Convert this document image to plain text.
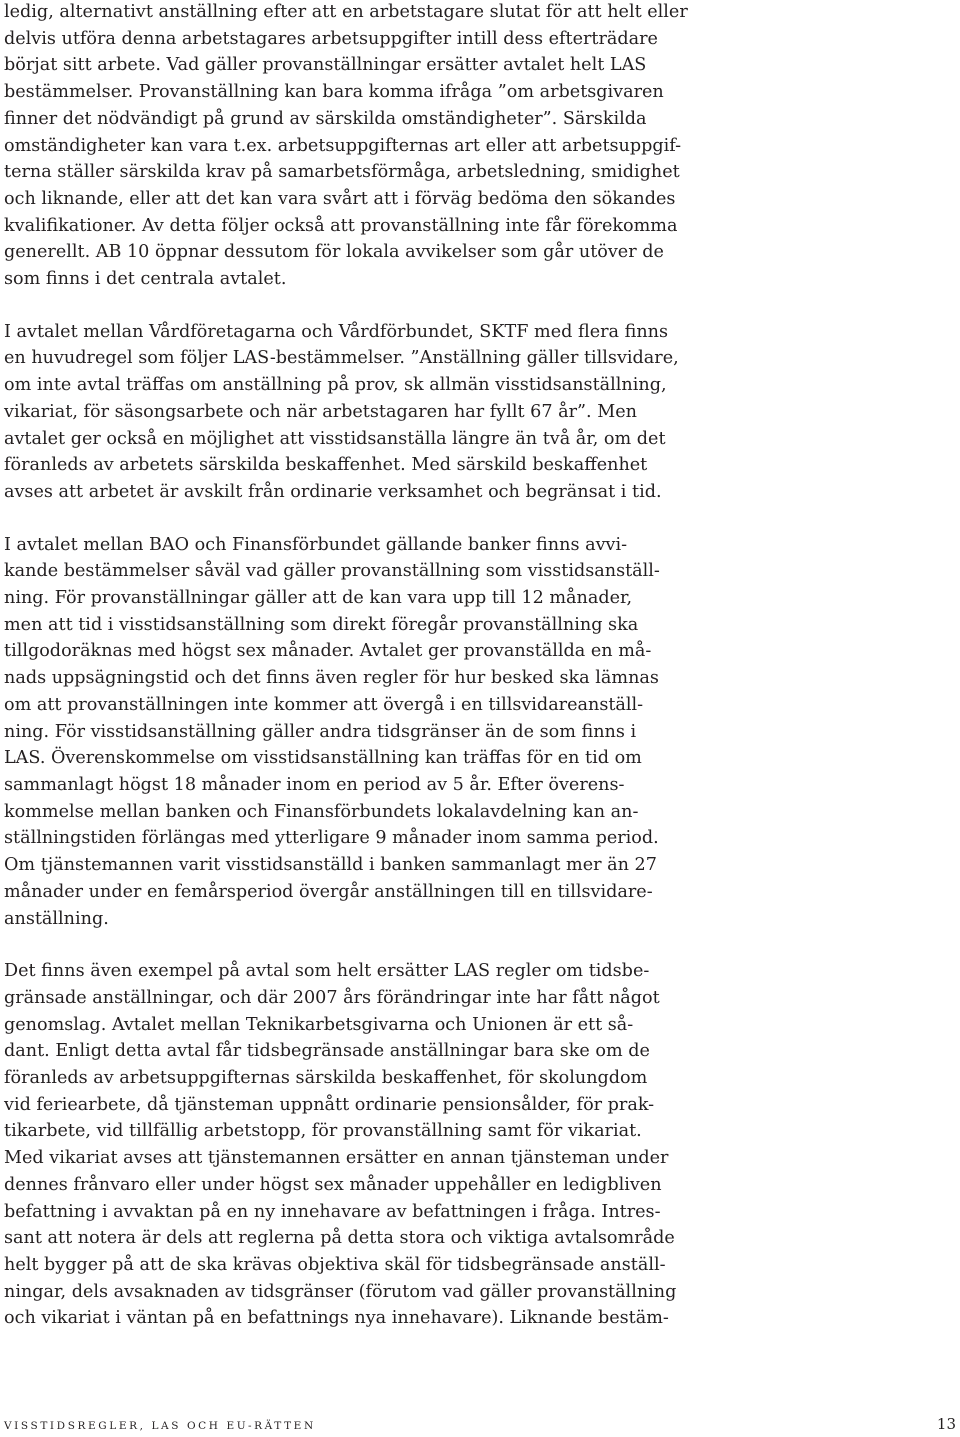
ledig, alternativt anställning efter att en arbetstagare slutat för att helt eller
delvis utföra denna arbetstagares arbetsuppgifter intill dess efterträdare
börjat sitt arbete. Vad gäller provanställningar ersätter avtalet helt LAS
bestämmelser. Provanställning kan bara komma ifråga ”om arbetsgivaren
finner det nödvändigt på grund av särskilda omständigheter”. Särskilda
omständigheter kan vara t.ex. arbetsuppgifternas art eller att arbetsuppgif-
terna ställer särskilda krav på samarbetsförmåga, arbetsledning, smidighet
och liknande, eller att det kan vara svårt att i förväg bedöma den sökandes
kvalifikationer. Av detta följer också att provanställning inte får förekomma
generellt. AB 10 öppnar dessutom för lokala avvikelser som går utöver de
som finns i det centrala avtalet.
I avtalet mellan Vårdföretagarna och Vårdförbundet, SKTF med flera finns
en huvudregel som följer LAS-bestämmelser. ”Anställning gäller tillsvidare,
om inte avtal träffas om anställning på prov, sk allmän visstidsanställning,
vikariat, för säsongsarbete och när arbetstagaren har fyllt 67 år”. Men
avtalet ger också en möjlighet att visstidsanställa längre än två år, om det
föranleds av arbetets särskilda beskaffenhet. Med särskild beskaffenhet
avses att arbetet är avskilt från ordinarie verksamhet och begränsat i tid.
I avtalet mellan BAO och Finansförbundet gällande banker finns avvi-
kande bestämmelser såväl vad gäller provanställning som visstidsanställ-
ning. För provanställningar gäller att de kan vara upp till 12 månader,
men att tid i visstidsanställning som direkt föregår provanställning ska
tillgodoräknas med högst sex månader. Avtalet ger provanställda en må-
nads uppsägningstid och det finns även regler för hur besked ska lämnas
om att provanställningen inte kommer att övergå i en tillsvidareanställ-
ning. För visstidsanställning gäller andra tidsgränser än de som finns i
LAS. Överenskommelse om visstidsanställning kan träffas för en tid om
sammanlagt högst 18 månader inom en period av 5 år. Efter överens-
kommelse mellan banken och Finansförbundets lokalavdelning kan an-
ställningstiden förlängas med ytterligare 9 månader inom samma period.
Om tjänstemannen varit visstidsanställd i banken sammanlagt mer än 27
månader under en femårsperiod övergår anställningen till en tillsvidare-
anställning.
Det finns även exempel på avtal som helt ersätter LAS regler om tidsbe-
gränsade anställningar, och där 2007 års förändringar inte har fått något
genomslag. Avtalet mellan Teknikarbetsgivarna och Unionen är ett så-
dant. Enligt detta avtal får tidsbegränsade anställningar bara ske om de
föranleds av arbetsuppgifternas särskilda beskaffenhet, för skolungdom
vid feriearbete, då tjänsteman uppnått ordinarie pensionsålder, för prak-
tikarbete, vid tillfällig arbetstopp, för provanställning samt för vikariat.
Med vikariat avses att tjänstemannen ersätter en annan tjänsteman under
dennes frånvaro eller under högst sex månader uppehåller en ledigbliven
befattning i avvaktan på en ny innehavare av befattningen i fråga. Intres-
sant att notera är dels att reglerna på detta stora och viktiga avtalsområde
helt bygger på att de ska krävas objektiva skäl för tidsbegränsade anställ-
ningar, dels avsaknaden av tidsgränser (förutom vad gäller provanställning
och vikariat i väntan på en befattnings nya innehavare). Liknande bestäm-
VISSTIDSREGLER, LAS OCH EU-RÄTTEN	13
